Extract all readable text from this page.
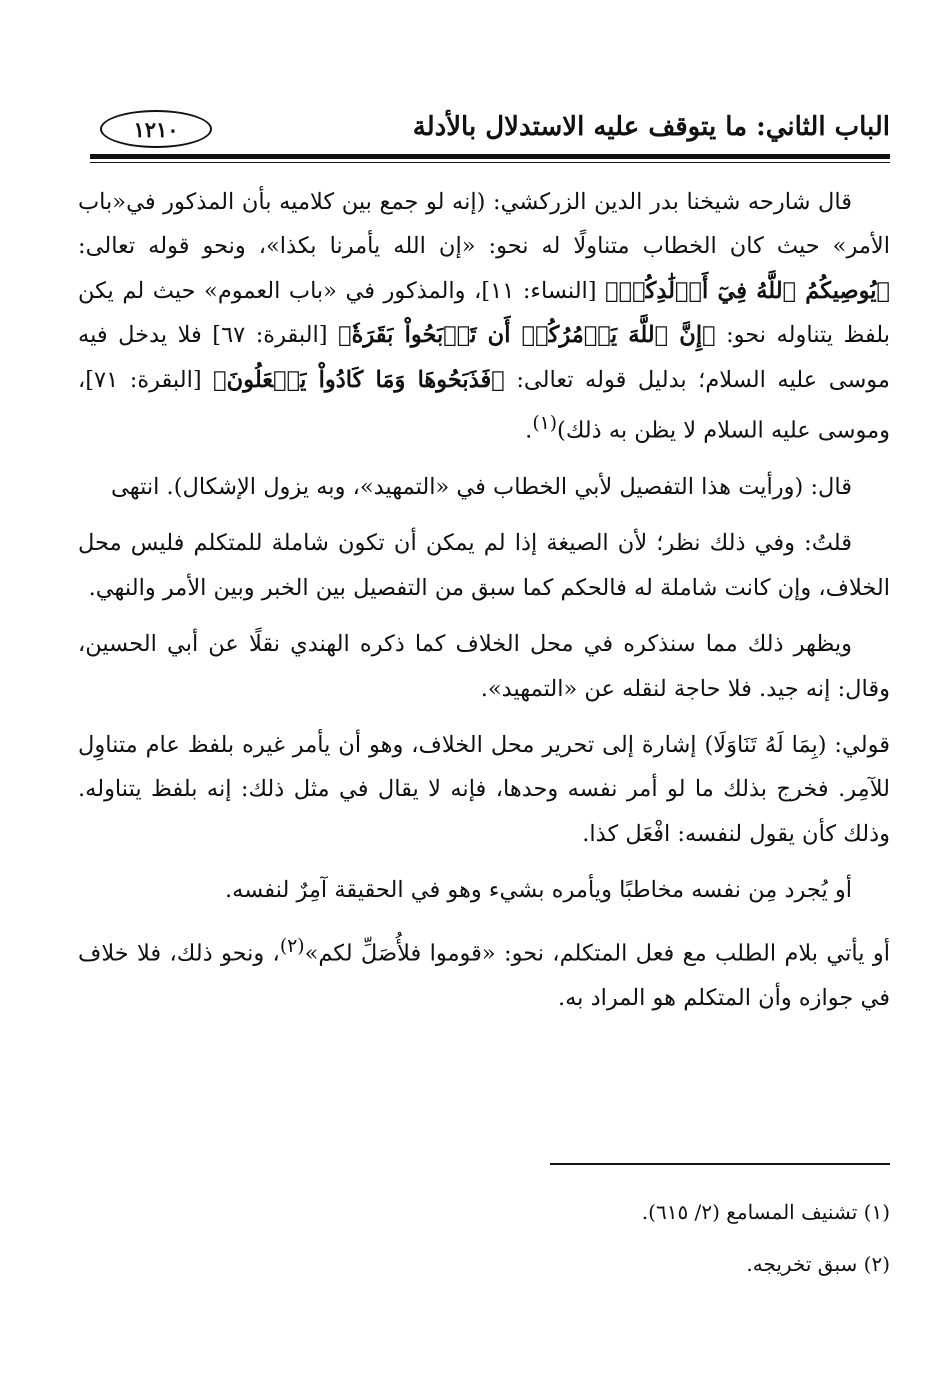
١٢١٠	الباب الثاني: ما يتوقف عليه الاستدلال بالأدلة

قال شارحه شيخنا بدر الدين الزركشي: (إنه لو جمع بين كلاميه بأن المذكور في«باب الأمر» حيث كان الخطاب متناولًا له نحو: «إن الله يأمرنا بكذا»، ونحو قوله تعالى: ﴿يُوصِيكُمُ ٱللَّهُ فِيٓ أَوۡلَٰدِكُمۡ﴾ [النساء: ١١]، والمذكور في «باب العموم» حيث لم يكن بلفظ يتناوله نحو: ﴿إِنَّ ٱللَّهَ يَأۡمُرُكُمۡ أَن تَذۡبَحُواْ بَقَرَةٗ﴾ [البقرة: ٦٧] فلا يدخل فيه موسى عليه السلام؛ بدليل قوله تعالى: ﴿فَذَبَحُوهَا وَمَا كَادُواْ يَفۡعَلُونَ﴾ [البقرة: ٧١]، وموسى عليه السلام لا يظن به ذلك)$^{(١)}$.

قال: (ورأيت هذا التفصيل لأبي الخطاب في «التمهيد»، وبه يزول الإشكال). انتهى

قلتُ: وفي ذلك نظر؛ لأن الصيغة إذا لم يمكن أن تكون شاملة للمتكلم فليس محل الخلاف، وإن كانت شاملة له فالحكم كما سبق من التفصيل بين الخبر وبين الأمر والنهي.

ويظهر ذلك مما سنذكره في محل الخلاف كما ذكره الهندي نقلًا عن أبي الحسين، وقال: إنه جيد. فلا حاجة لنقله عن «التمهيد».

قولي: (بِمَا لَهُ تَنَاوَلَا) إشارة إلى تحرير محل الخلاف، وهو أن يأمر غيره بلفظ عام متناوِل للآمِر. فخرج بذلك ما لو أمر نفسه وحدها، فإنه لا يقال في مثل ذلك: إنه بلفظ يتناوله. وذلك كأن يقول لنفسه: افْعَل كذا.

أو يُجرد مِن نفسه مخاطبًا ويأمره بشيء وهو في الحقيقة آمِرٌ لنفسه.

أو يأتي بلام الطلب مع فعل المتكلم، نحو: «قوموا فلأُصَلِّ لكم»$^{(٢)}$، ونحو ذلك، فلا خلاف في جوازه وأن المتكلم هو المراد به.

(١) تشنيف المسامع (٢/ ٦١٥).
(٢) سبق تخريجه.
